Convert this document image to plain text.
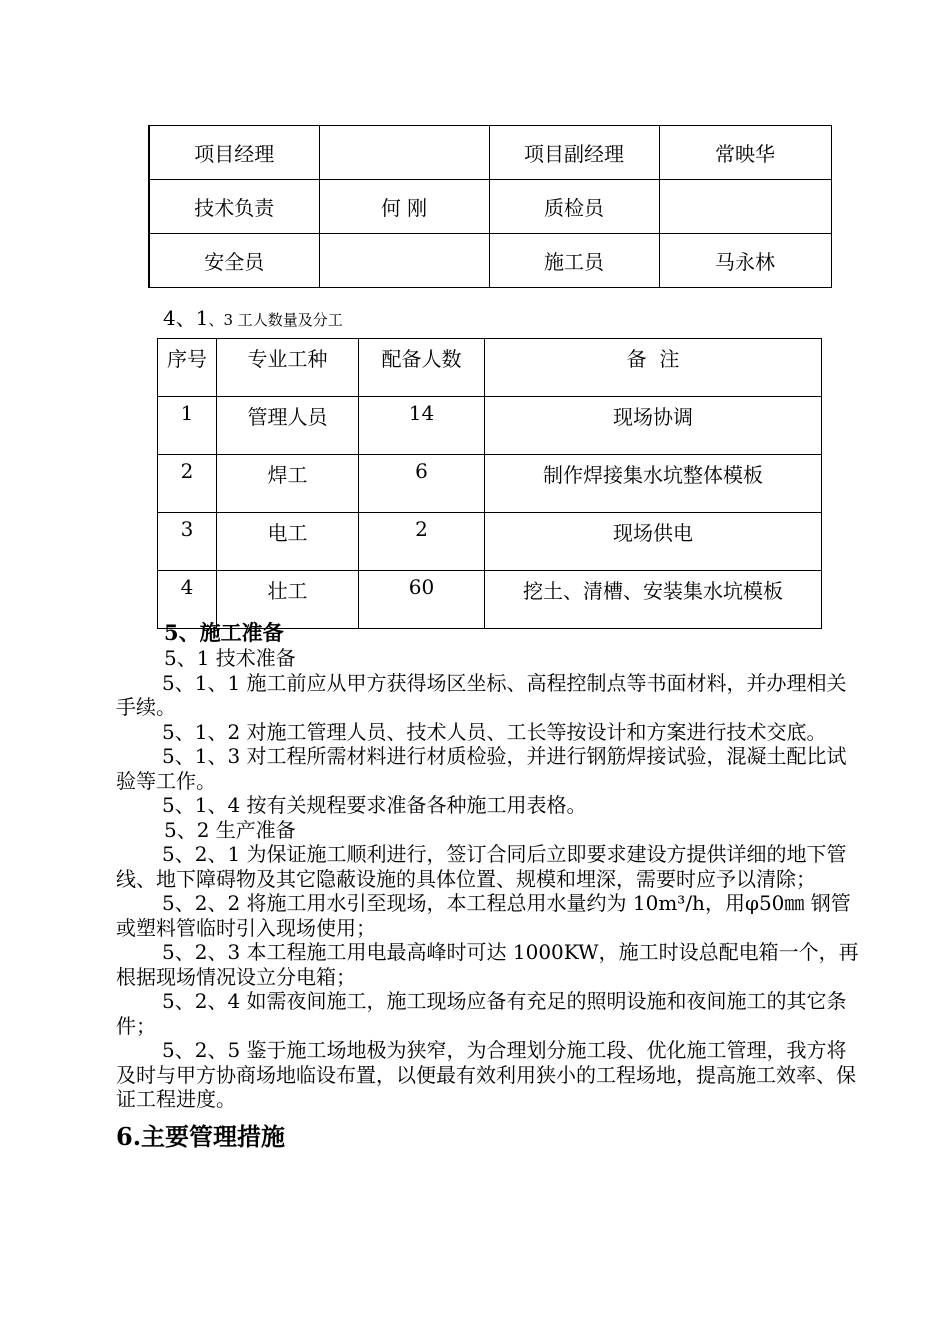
项目经理		项目副经理	常映华
技术负责	何 刚	质检员	
安全员		施工员	马永林
4、1、3 工人数量及分工
序号	专业工种	配备人数	备  注
1	管理人员	14	现场协调
2	焊工	6	制作焊接集水坑整体模板
3	电工	2	现场供电
4	壮工	60	挖土、清槽、安装集水坑模板

5、施工准备

5、1 技术准备

5、1、1 施工前应从甲方获得场区坐标、高程控制点等书面材料，并办理相关手续。

5、1、2 对施工管理人员、技术人员、工长等按设计和方案进行技术交底。

5、1、3 对工程所需材料进行材质检验，并进行钢筋焊接试验，混凝土配比试验等工作。

5、1、4 按有关规程要求准备各种施工用表格。

5、2 生产准备

5、2、1 为保证施工顺利进行，签订合同后立即要求建设方提供详细的地下管线、地下障碍物及其它隐蔽设施的具体位置、规模和埋深，需要时应予以清除；

5、2、2 将施工用水引至现场，本工程总用水量约为 10m³/h，用φ50㎜ 钢管或塑料管临时引入现场使用；

5、2、3 本工程施工用电最高峰时可达 1000KW，施工时设总配电箱一个，再根据现场情况设立分电箱；

5、2、4 如需夜间施工，施工现场应备有充足的照明设施和夜间施工的其它条件；

5、2、5 鉴于施工场地极为狭窄，为合理划分施工段、优化施工管理，我方将及时与甲方协商场地临设布置，以便最有效利用狭小的工程场地，提高施工效率、保证工程进度。

6.主要管理措施
